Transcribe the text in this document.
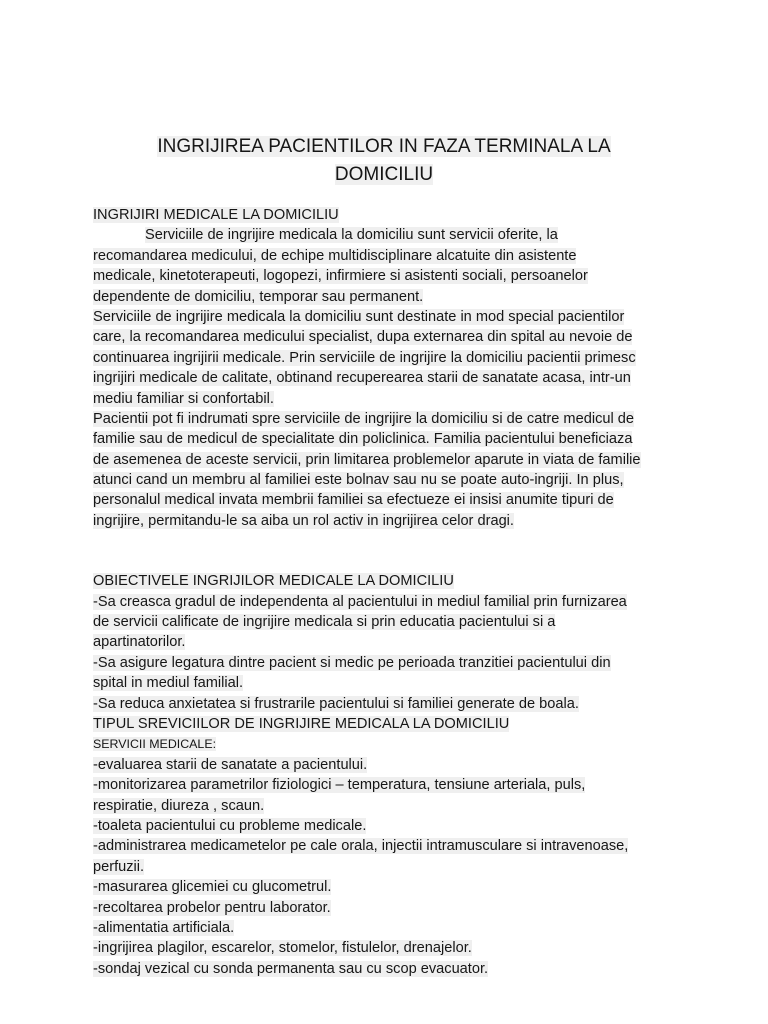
INGRIJIREA PACIENTILOR IN FAZA TERMINALA LA
DOMICILIU
INGRIJIRI MEDICALE LA DOMICILIU
Serviciile de ingrijire medicala la domiciliu sunt servicii oferite, la
recomandarea medicului, de echipe multidisciplinare alcatuite din asistente
medicale, kinetoterapeuti, logopezi, infirmiere si asistenti sociali, persoanelor
dependente de domiciliu, temporar sau permanent.
Serviciile de ingrijire medicala la domiciliu sunt destinate in mod special pacientilor
care, la recomandarea medicului specialist, dupa externarea din spital au nevoie de
continuarea ingrijirii medicale. Prin serviciile de ingrijire la domiciliu pacientii primesc
ingrijiri medicale de calitate, obtinand recuperearea starii de sanatate acasa, intr-un
mediu familiar si confortabil.
Pacientii pot fi indrumati spre serviciile de ingrijire la domiciliu si de catre medicul de
familie sau de medicul de specialitate din policlinica. Familia pacientului beneficiaza
de asemenea de aceste servicii, prin limitarea problemelor aparute in viata de familie
atunci cand un membru al familiei este bolnav sau nu se poate auto-ingriji. In plus,
personalul medical invata membrii familiei sa efectueze ei insisi anumite tipuri de
ingrijire, permitandu-le sa aiba un rol activ in ingrijirea celor dragi.
OBIECTIVELE INGRIJILOR MEDICALE LA DOMICILIU
-Sa creasca gradul de independenta al pacientului in mediul familial prin furnizarea
de servicii calificate de ingrijire medicala si prin educatia pacientului si a
apartinatorilor.
-Sa asigure legatura dintre pacient si medic pe perioada tranzitiei pacientului din
spital in mediul familial.
-Sa reduca anxietatea si frustrarile pacientului si familiei generate de boala.
TIPUL SREVICIILOR DE INGRIJIRE MEDICALA LA DOMICILIU
SERVICII MEDICALE:
-evaluarea starii de sanatate a pacientului.
-monitorizarea parametrilor fiziologici – temperatura, tensiune arteriala, puls,
respiratie, diureza , scaun.
-toaleta pacientului cu probleme medicale.
-administrarea medicametelor pe cale orala, injectii intramusculare si intravenoase,
perfuzii.
-masurarea glicemiei cu glucometrul.
-recoltarea probelor pentru laborator.
-alimentatia artificiala.
-ingrijirea plagilor, escarelor, stomelor, fistulelor, drenajelor.
-sondaj vezical cu sonda permanenta sau cu scop evacuator.
